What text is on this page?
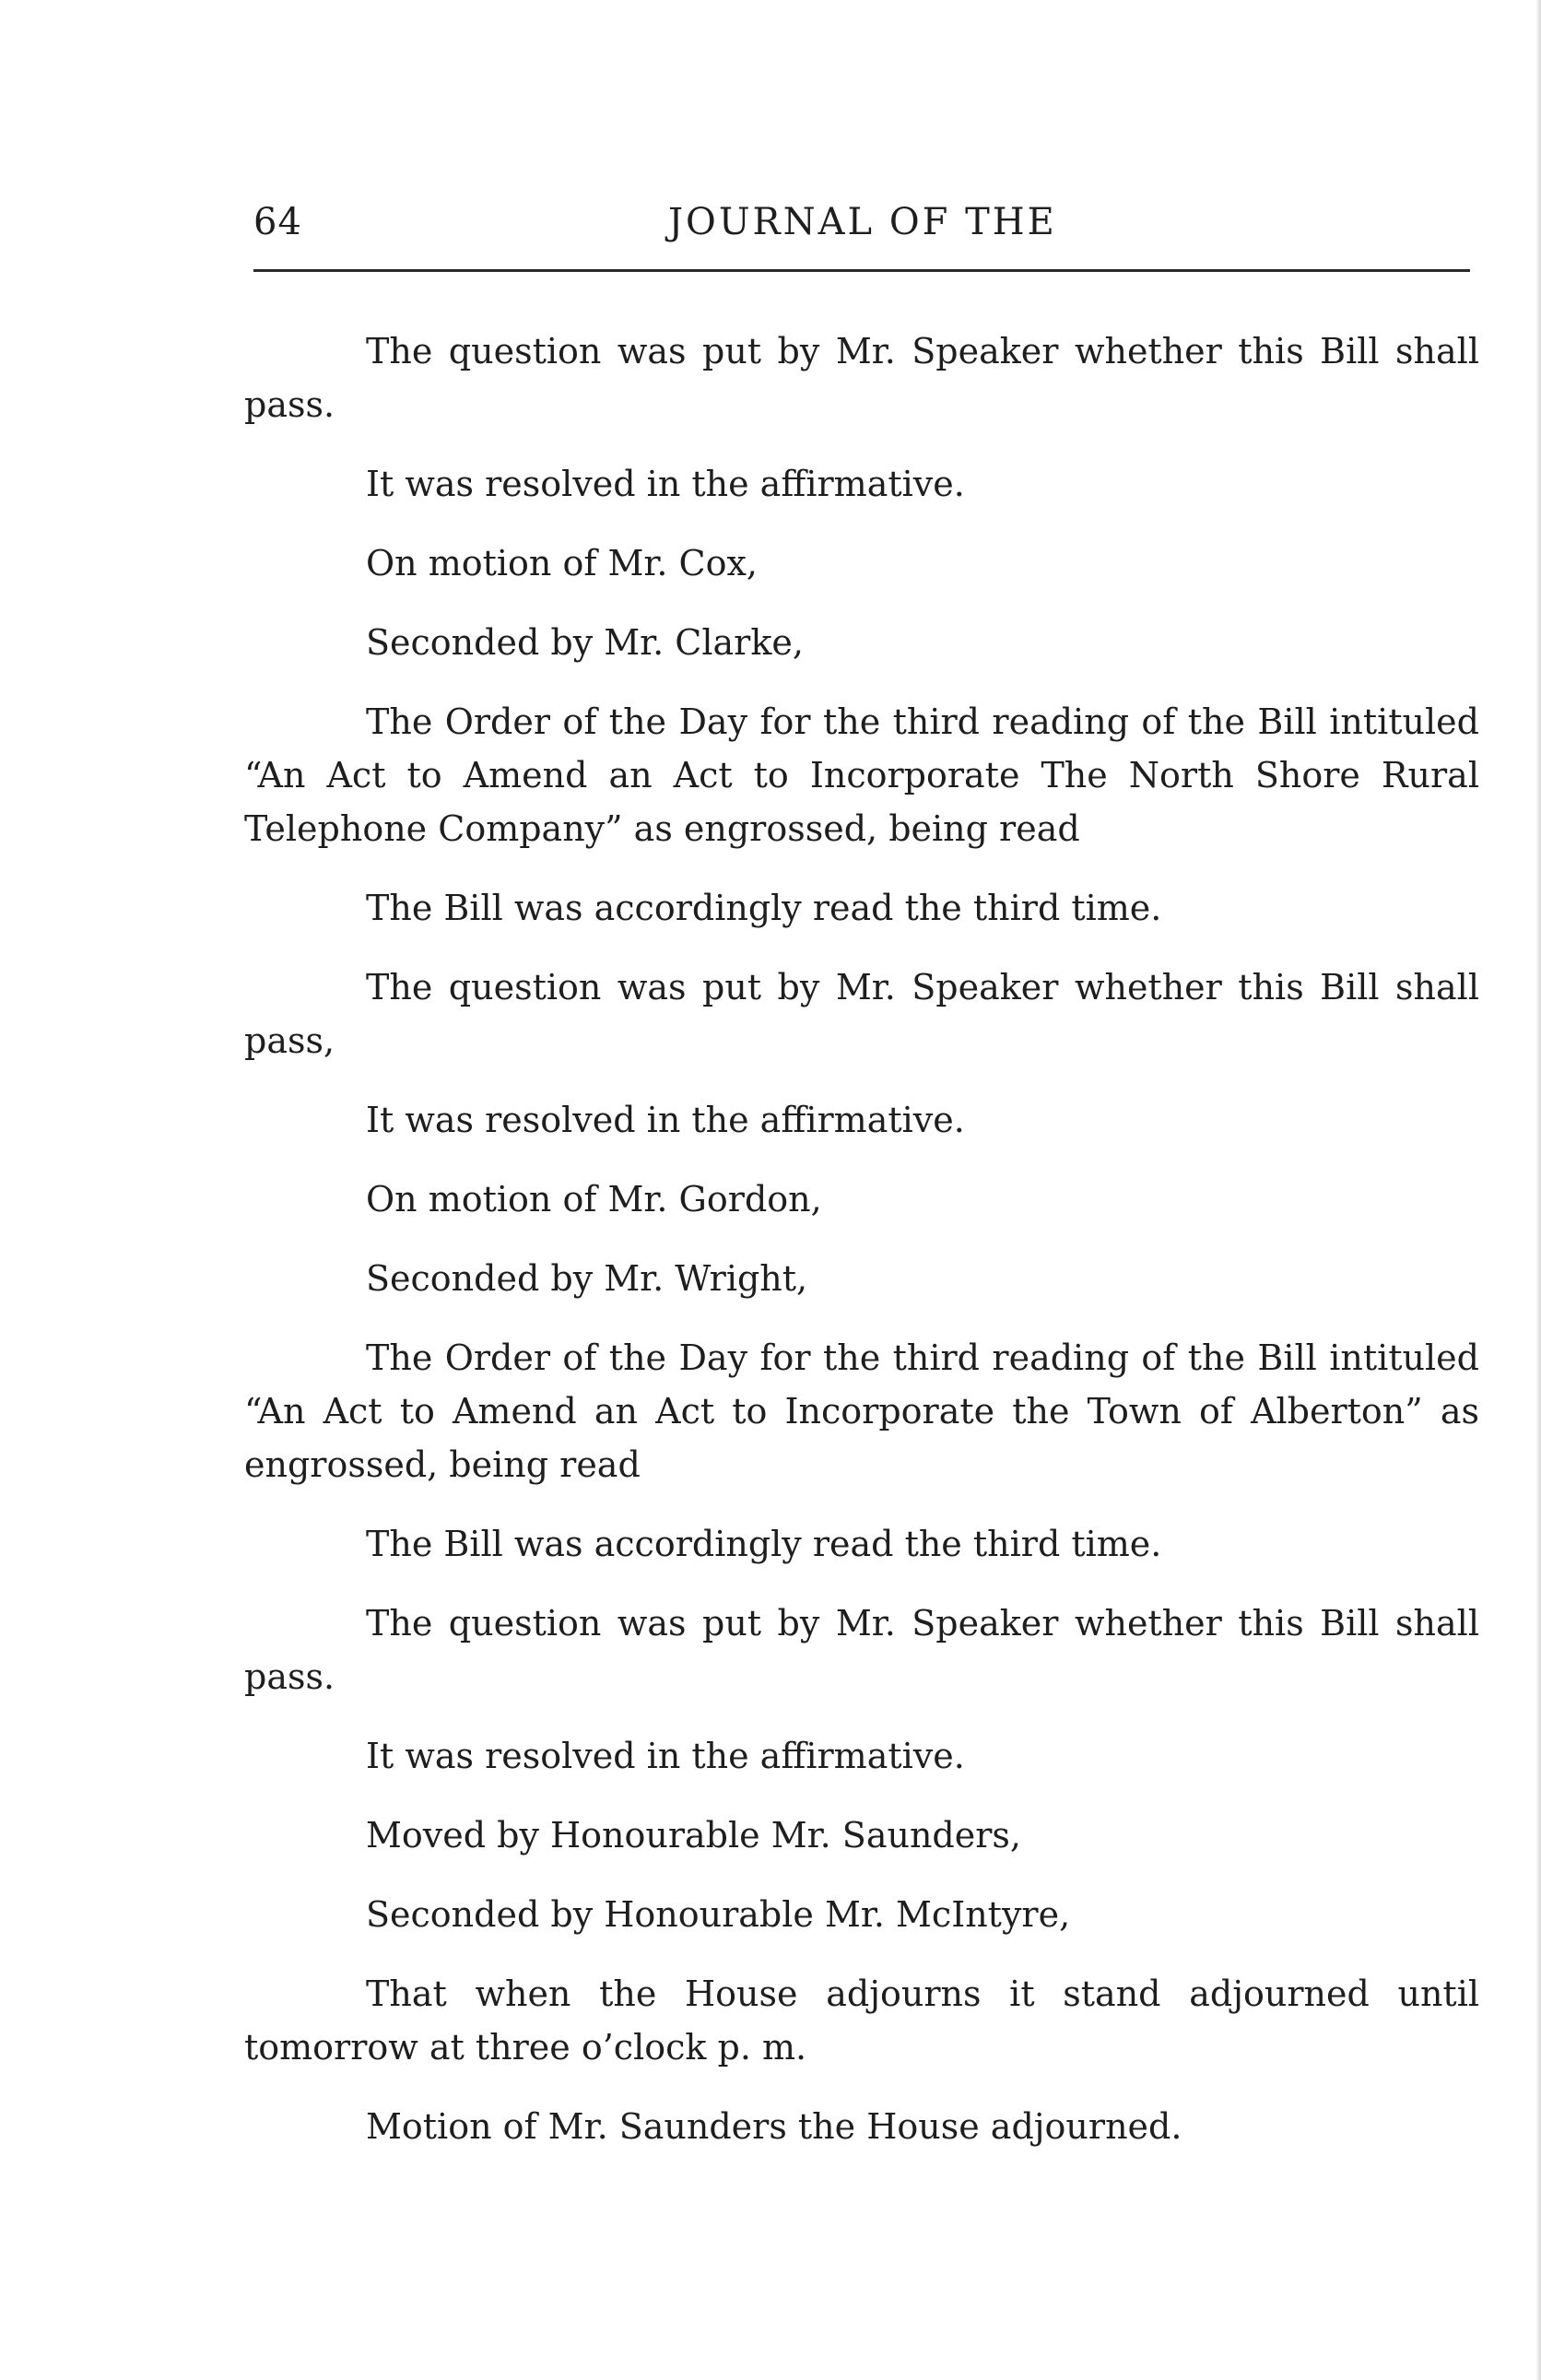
64	JOURNAL OF THE

The question was put by Mr. Speaker whether this Bill shall pass.

It was resolved in the affirmative.

On motion of Mr. Cox,

Seconded by Mr. Clarke,

The Order of the Day for the third reading of the Bill intituled “An Act to Amend an Act to Incorporate The North Shore Rural Telephone Company” as engrossed, being read

The Bill was accordingly read the third time.

The question was put by Mr. Speaker whether this Bill shall pass,

It was resolved in the affirmative.

On motion of Mr. Gordon,

Seconded by Mr. Wright,

The Order of the Day for the third reading of the Bill intituled “An Act to Amend an Act to Incorporate the Town of Alberton” as engrossed, being read

The Bill was accordingly read the third time.

The question was put by Mr. Speaker whether this Bill shall pass.

It was resolved in the affirmative.

Moved by Honourable Mr. Saunders,

Seconded by Honourable Mr. McIntyre,

That when the House adjourns it stand adjourned until tomorrow at three o’clock p. m.

Motion of Mr. Saunders the House adjourned.
